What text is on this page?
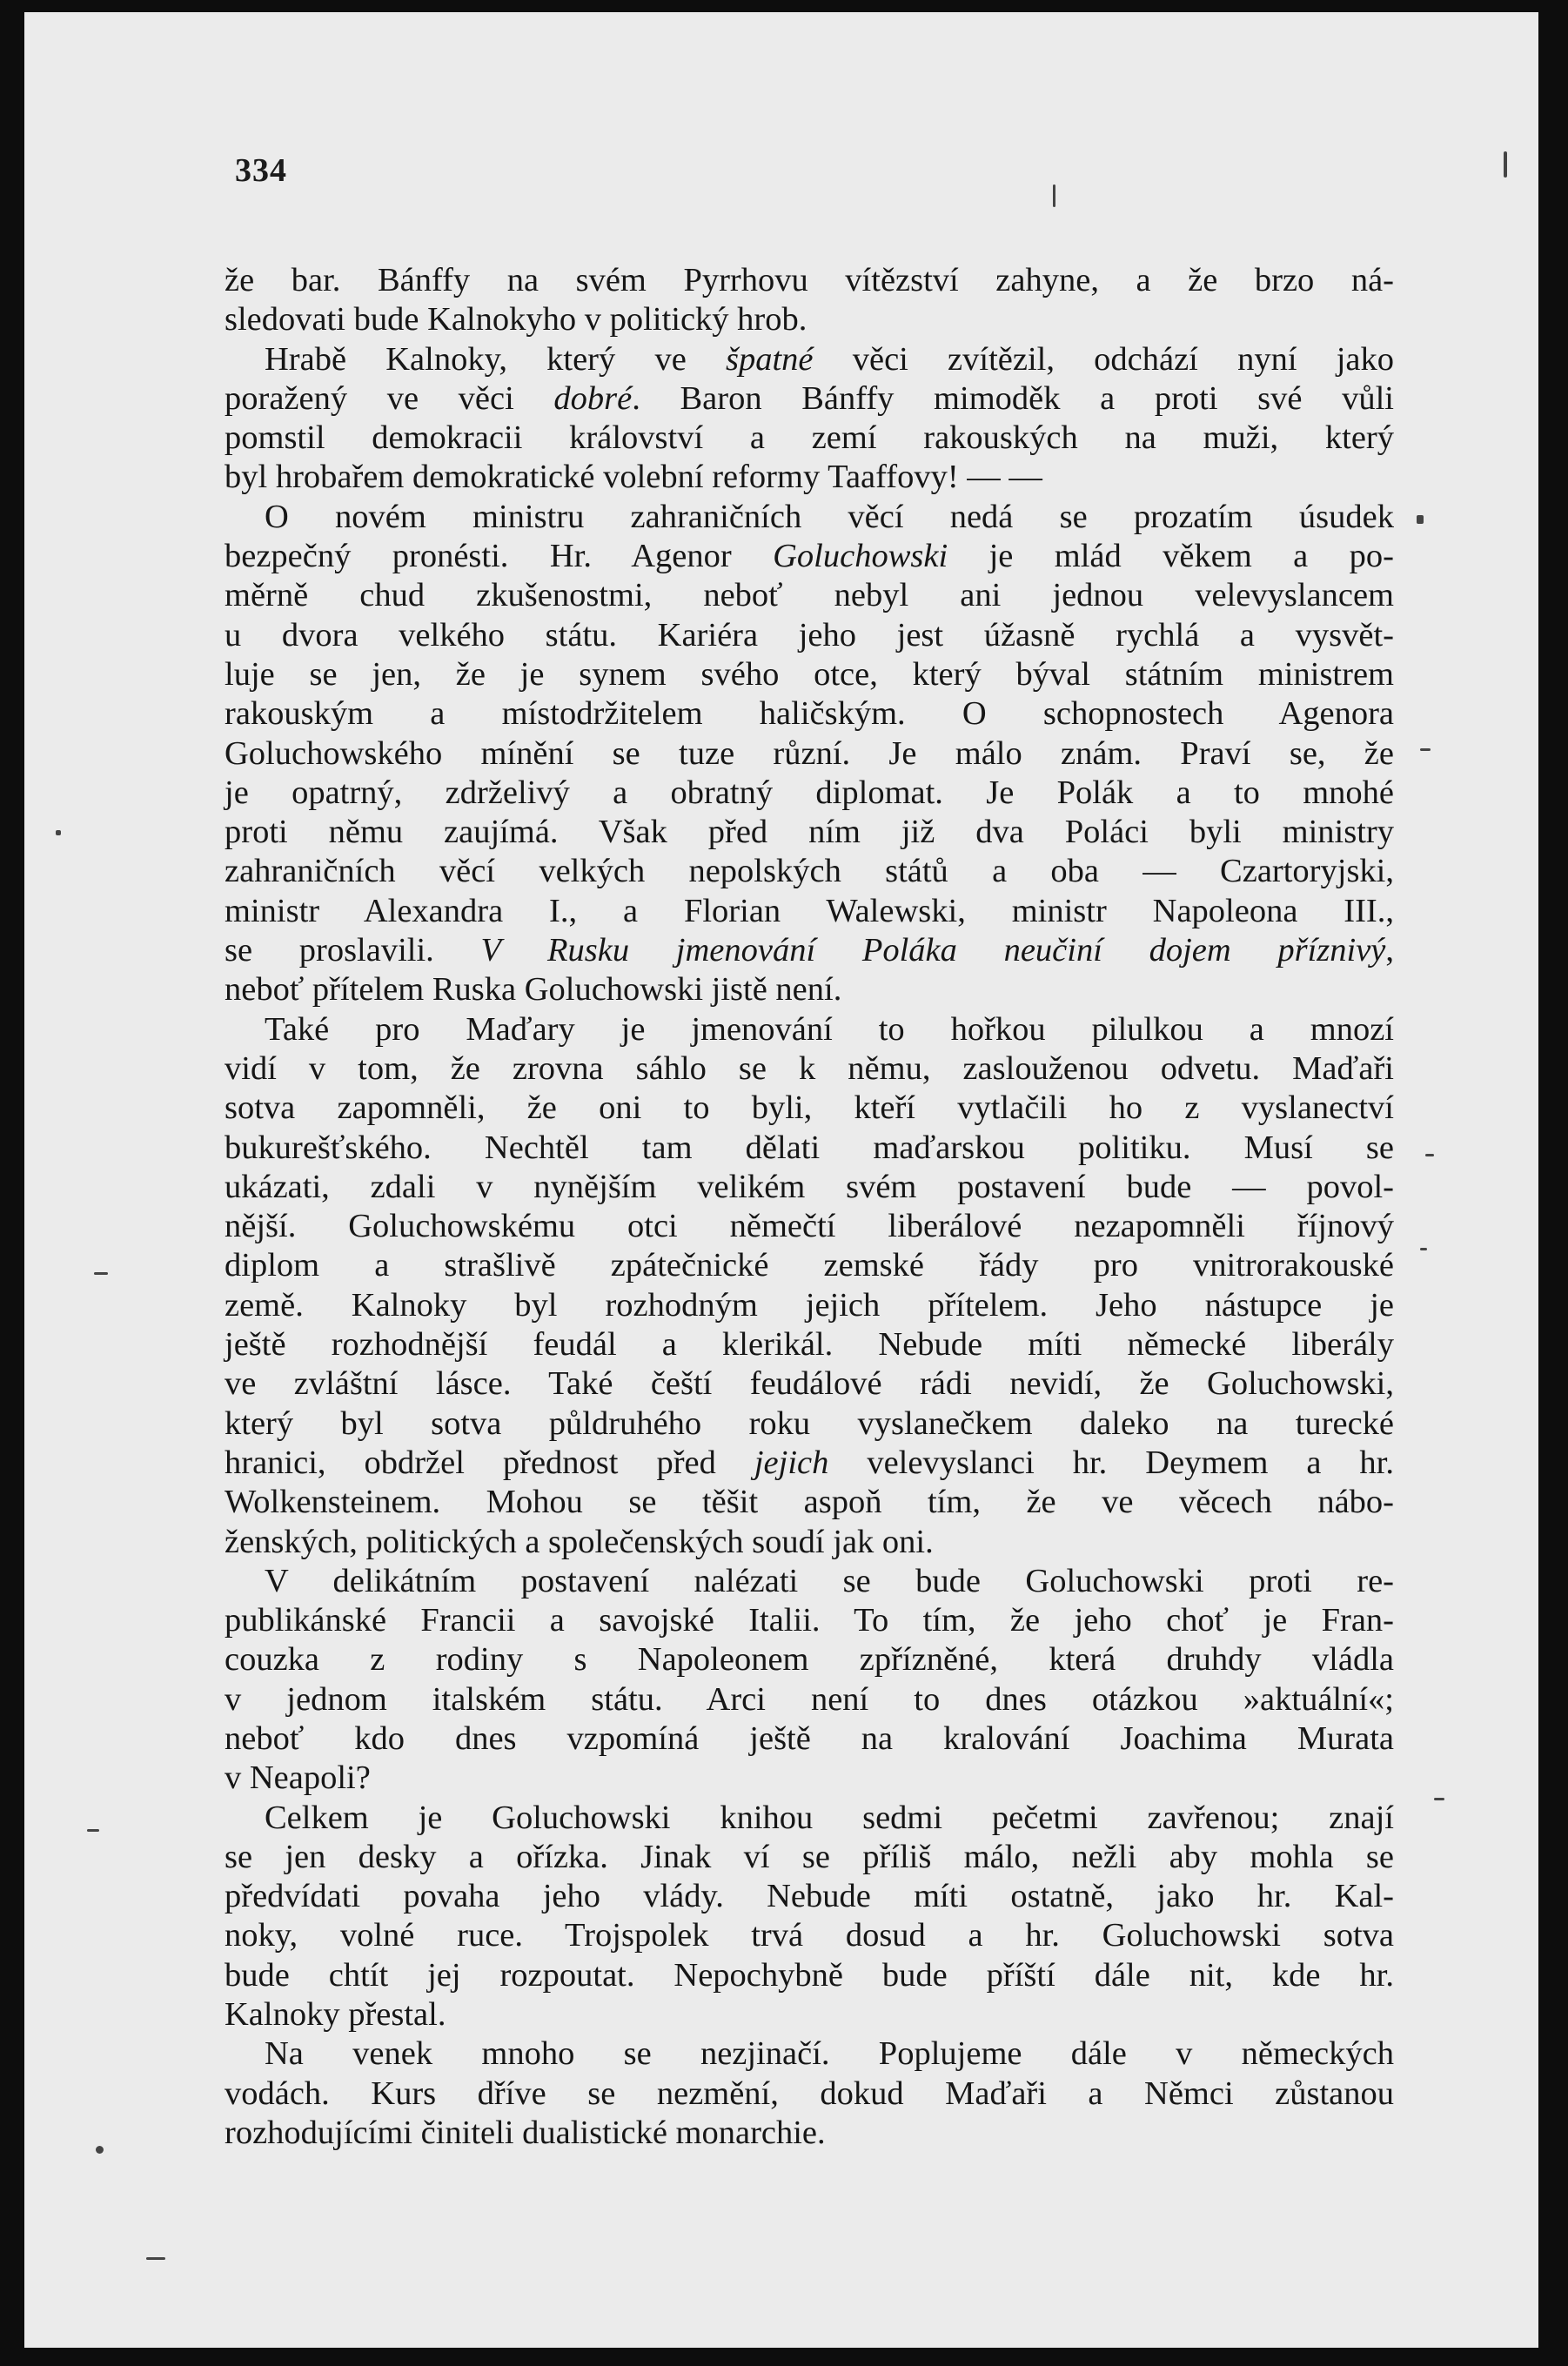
334
že bar. Bánffy na svém Pyrrhovu vítězství zahyne, a že brzo ná-
sledovati bude Kalnokyho v politický hrob.
Hrabě Kalnoky, který ve špatné věci zvítězil, odchází nyní jako
poražený ve věci dobré. Baron Bánffy mimoděk a proti své vůli
pomstil demokracii království a zemí rakouských na muži, který
byl hrobařem demokratické volební reformy Taaffovy! — —
O novém ministru zahraničních věcí nedá se prozatím úsudek
bezpečný pronésti. Hr. Agenor Goluchowski je mlád věkem a po-
měrně chud zkušenostmi, neboť nebyl ani jednou velevyslancem
u dvora velkého státu. Kariéra jeho jest úžasně rychlá a vysvět-
luje se jen, že je synem svého otce, který býval státním ministrem
rakouským a místodržitelem haličským. O schopnostech Agenora
Goluchowského mínění se tuze různí. Je málo znám. Praví se, že
je opatrný, zdrželivý a obratný diplomat. Je Polák a to mnohé
proti němu zaujímá. Však před ním již dva Poláci byli ministry
zahraničních věcí velkých nepolských států a oba — Czartoryjski,
ministr Alexandra I., a Florian Walewski, ministr Napoleona III.,
se proslavili. V Rusku jmenování Poláka neučiní dojem příznivý,
neboť přítelem Ruska Goluchowski jistě není.
Také pro Maďary je jmenování to hořkou pilulkou a mnozí
vidí v tom, že zrovna sáhlo se k němu, zaslouženou odvetu. Maďaři
sotva zapomněli, že oni to byli, kteří vytlačili ho z vyslanectví
bukurešťského. Nechtěl tam dělati maďarskou politiku. Musí se
ukázati, zdali v nynějším velikém svém postavení bude — povol-
nější. Goluchowskému otci němečtí liberálové nezapomněli říjnový
diplom a strašlivě zpátečnické zemské řády pro vnitrorakouské
země. Kalnoky byl rozhodným jejich přítelem. Jeho nástupce je
ještě rozhodnější feudál a klerikál. Nebude míti německé liberály
ve zvláštní lásce. Také čeští feudálové rádi nevidí, že Goluchowski,
který byl sotva půldruhého roku vyslanečkem daleko na turecké
hranici, obdržel přednost před jejich velevyslanci hr. Deymem a hr.
Wolkensteinem. Mohou se těšit aspoň tím, že ve věcech nábo-
ženských, politických a společenských soudí jak oni.
V delikátním postavení nalézati se bude Goluchowski proti re-
publikánské Francii a savojské Italii. To tím, že jeho choť je Fran-
couzka z rodiny s Napoleonem zpřízněné, která druhdy vládla
v jednom italském státu. Arci není to dnes otázkou »aktuální«;
neboť kdo dnes vzpomíná ještě na kralování Joachima Murata
v Neapoli?
Celkem je Goluchowski knihou sedmi pečetmi zavřenou; znají
se jen desky a ořízka. Jinak ví se příliš málo, nežli aby mohla se
předvídati povaha jeho vlády. Nebude míti ostatně, jako hr. Kal-
noky, volné ruce. Trojspolek trvá dosud a hr. Goluchowski sotva
bude chtít jej rozpoutat. Nepochybně bude příští dále nit, kde hr.
Kalnoky přestal.
Na venek mnoho se nezjinačí. Poplujeme dále v německých
vodách. Kurs dříve se nezmění, dokud Maďaři a Němci zůstanou
rozhodujícími činiteli dualistické monarchie.
